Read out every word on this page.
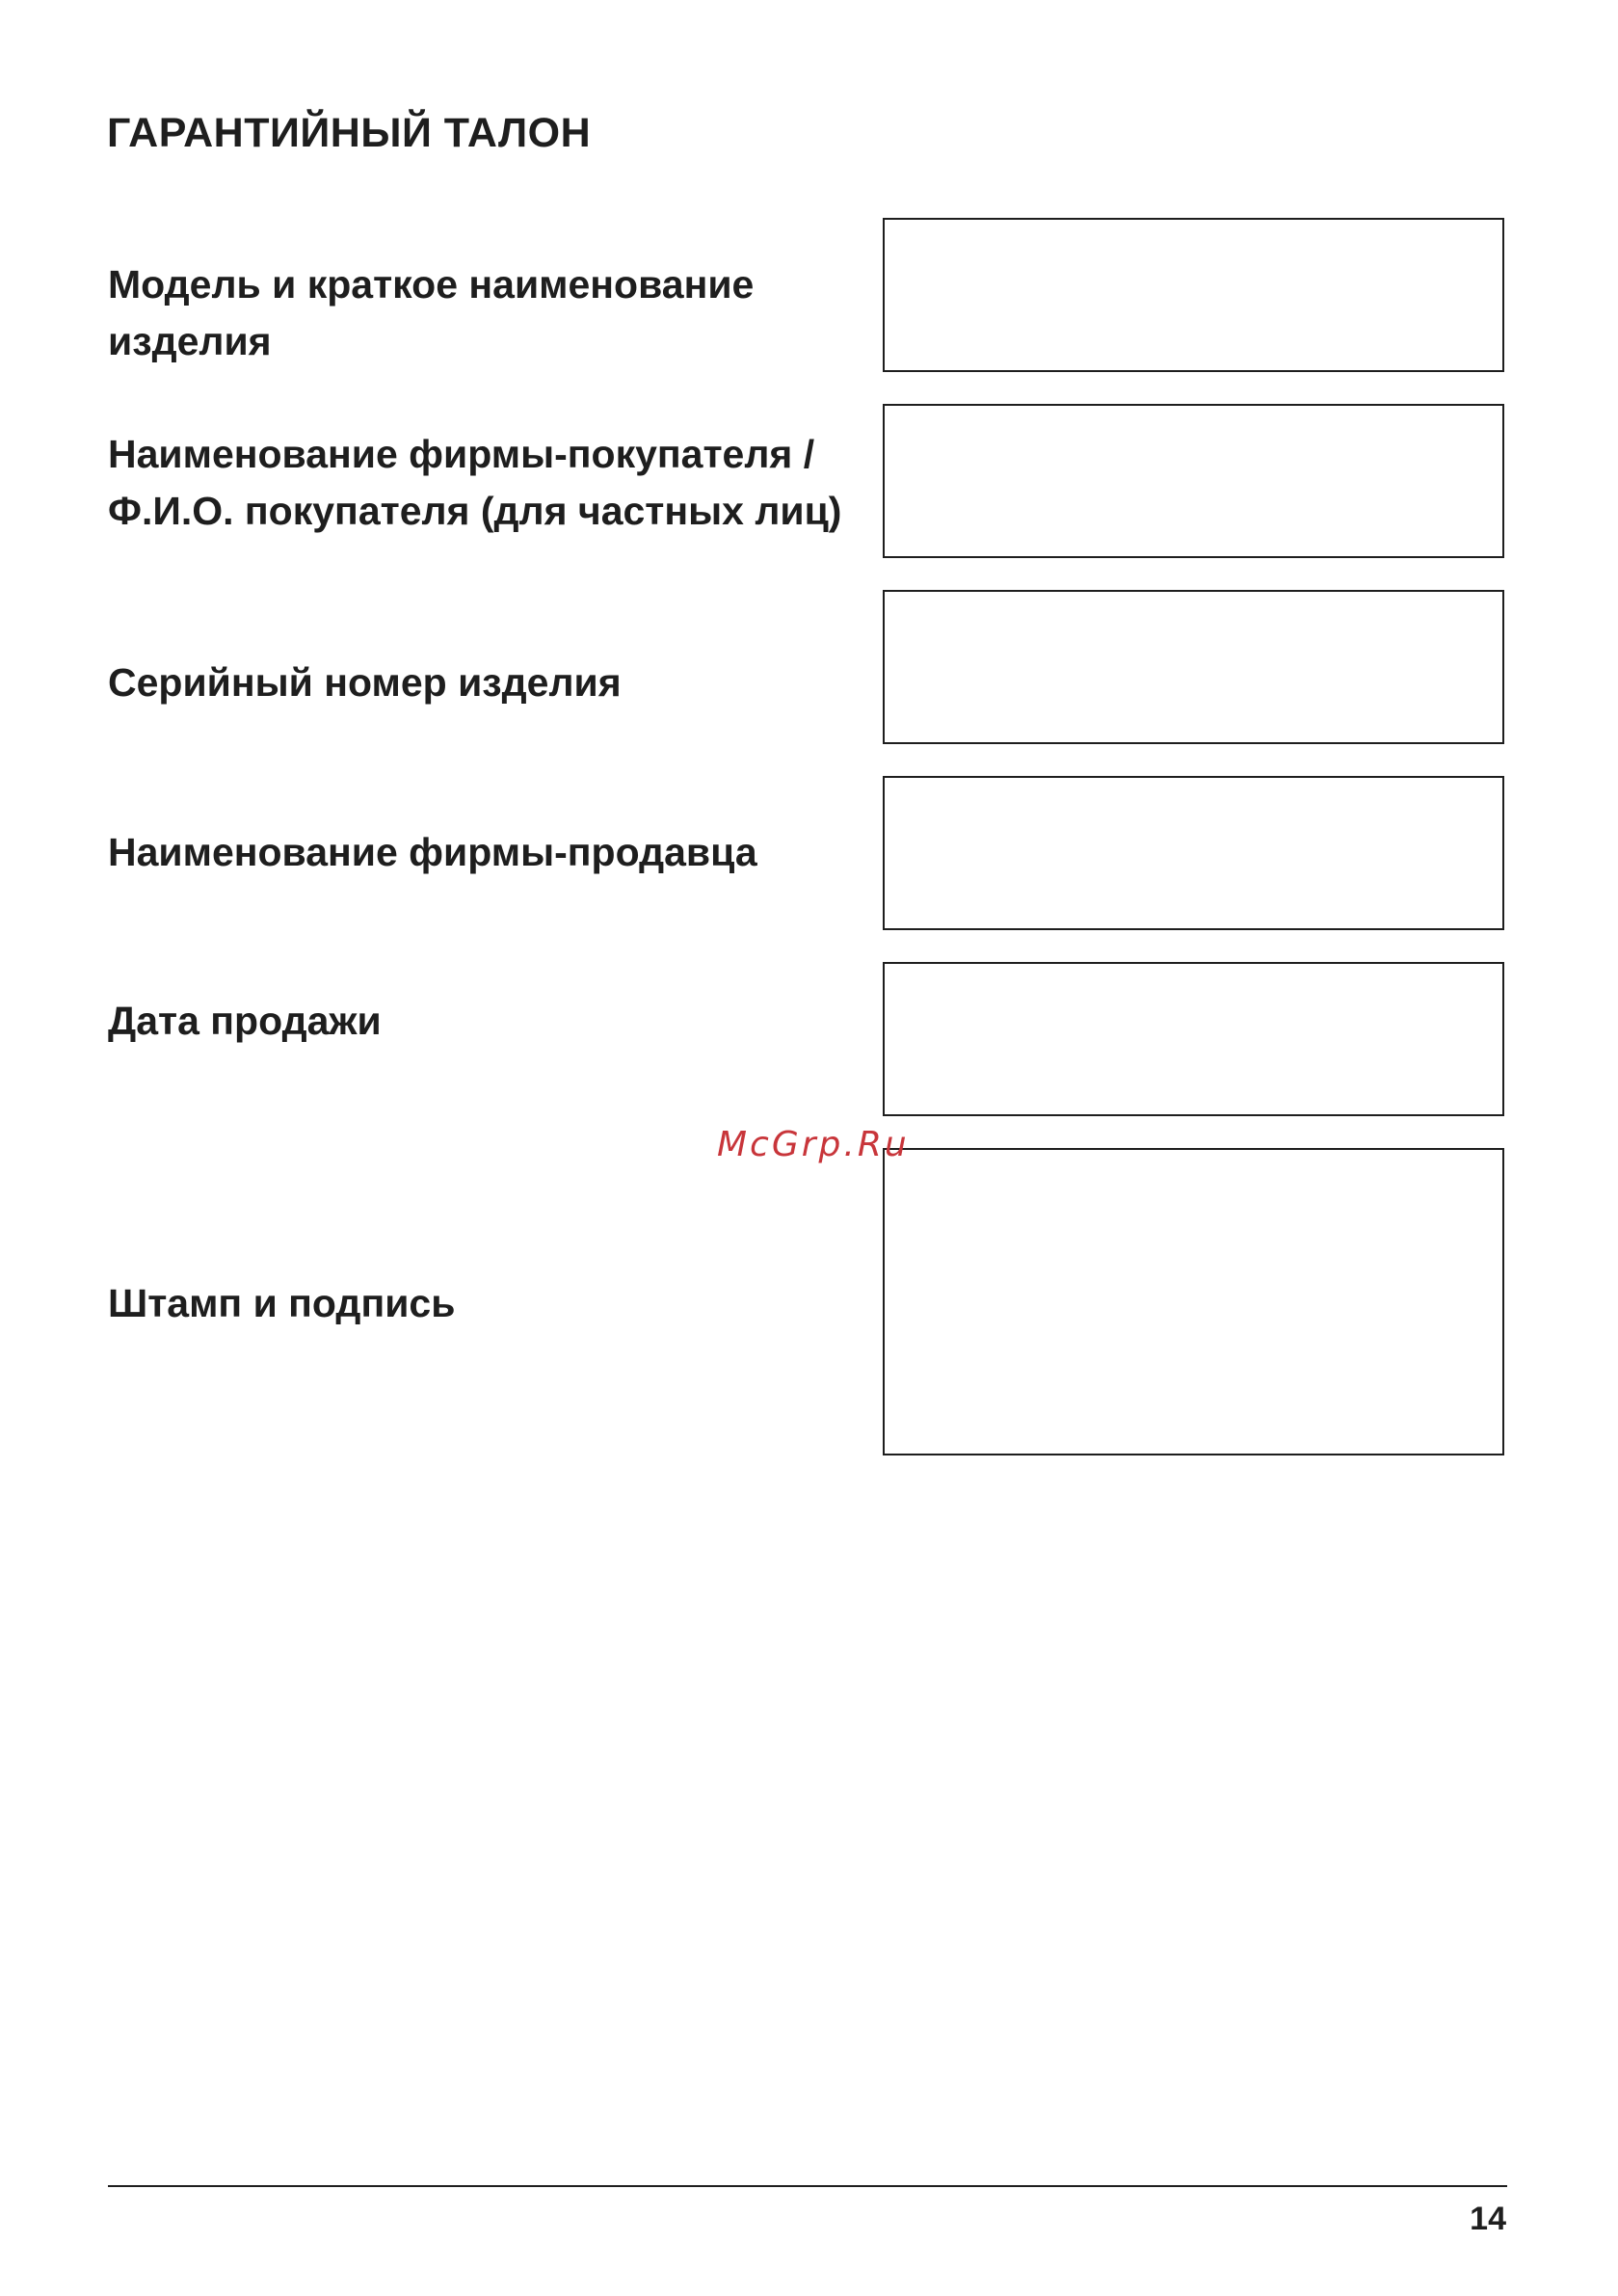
ГАРАНТИЙНЫЙ ТАЛОН
Модель и краткое наименование изделия
Наименование фирмы-покупателя / Ф.И.О. покупателя (для частных лиц)
Серийный номер изделия
Наименование фирмы-продавца
Дата продажи
McGrp.Ru
Штамп и подпись
14
